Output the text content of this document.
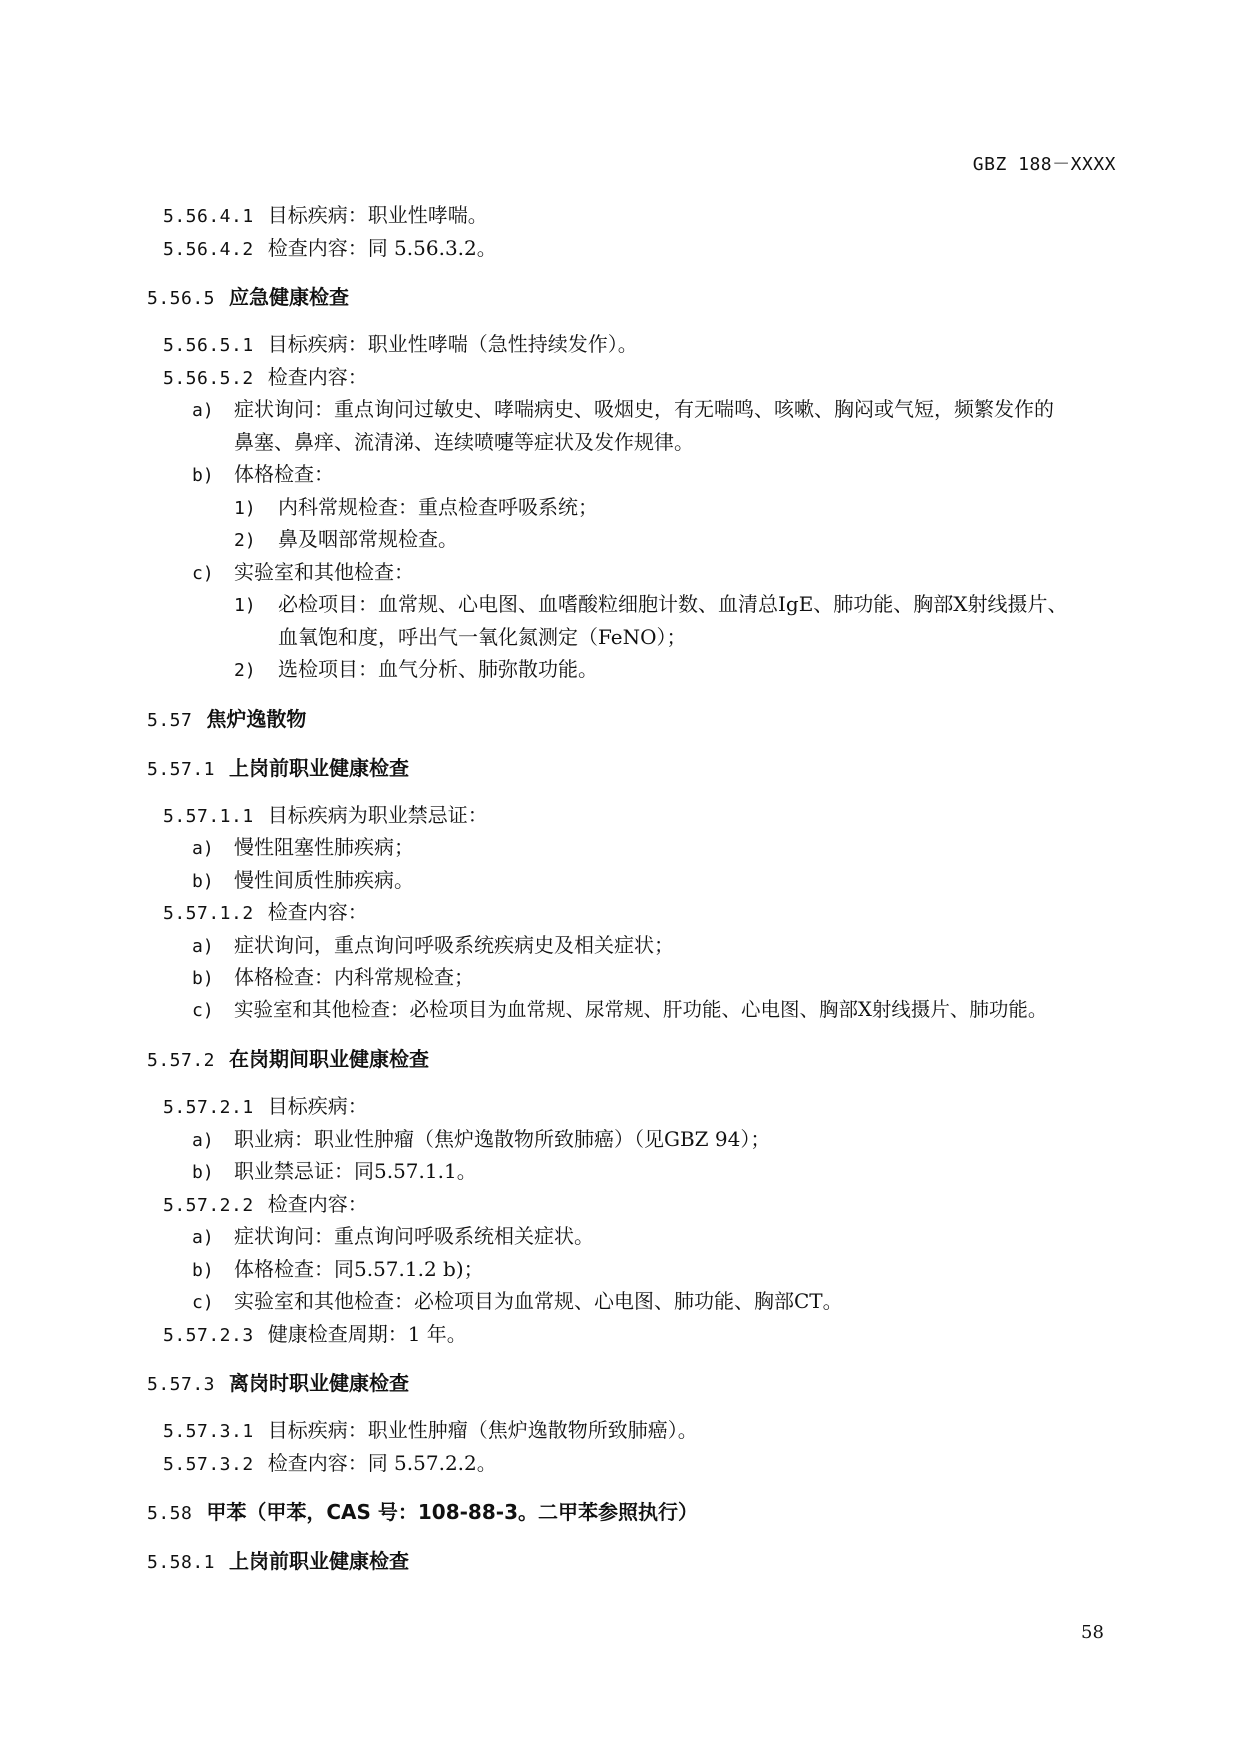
GBZ 188－XXXX
5.56.4.1 目标疾病：职业性哮喘。
5.56.4.2 检查内容：同 5.56.3.2。
5.56.5 应急健康检查
5.56.5.1 目标疾病：职业性哮喘（急性持续发作）。
5.56.5.2 检查内容：
a) 症状询问：重点询问过敏史、哮喘病史、吸烟史，有无喘鸣、咳嗽、胸闷或气短，频繁发作的
鼻塞、鼻痒、流清涕、连续喷嚏等症状及发作规律。
b) 体格检查：
1) 内科常规检查：重点检查呼吸系统；
2) 鼻及咽部常规检查。
c) 实验室和其他检查：
1) 必检项目：血常规、心电图、血嗜酸粒细胞计数、血清总IgE、肺功能、胸部X射线摄片、
血氧饱和度，呼出气一氧化氮测定（FeNO）；
2) 选检项目：血气分析、肺弥散功能。
5.57 焦炉逸散物
5.57.1 上岗前职业健康检查
5.57.1.1 目标疾病为职业禁忌证：
a) 慢性阻塞性肺疾病；
b) 慢性间质性肺疾病。
5.57.1.2 检查内容：
a) 症状询问，重点询问呼吸系统疾病史及相关症状；
b) 体格检查：内科常规检查；
c) 实验室和其他检查：必检项目为血常规、尿常规、肝功能、心电图、胸部X射线摄片、肺功能。
5.57.2 在岗期间职业健康检查
5.57.2.1 目标疾病：
a) 职业病：职业性肿瘤（焦炉逸散物所致肺癌）（见GBZ 94）；
b) 职业禁忌证：同5.57.1.1。
5.57.2.2 检查内容：
a) 症状询问：重点询问呼吸系统相关症状。
b) 体格检查：同5.57.1.2 b)；
c) 实验室和其他检查：必检项目为血常规、心电图、肺功能、胸部CT。
5.57.2.3 健康检查周期：1 年。
5.57.3 离岗时职业健康检查
5.57.3.1 目标疾病：职业性肿瘤（焦炉逸散物所致肺癌）。
5.57.3.2 检查内容：同 5.57.2.2。
5.58 甲苯（甲苯，CAS 号：108-88-3。二甲苯参照执行）
5.58.1 上岗前职业健康检查
58
